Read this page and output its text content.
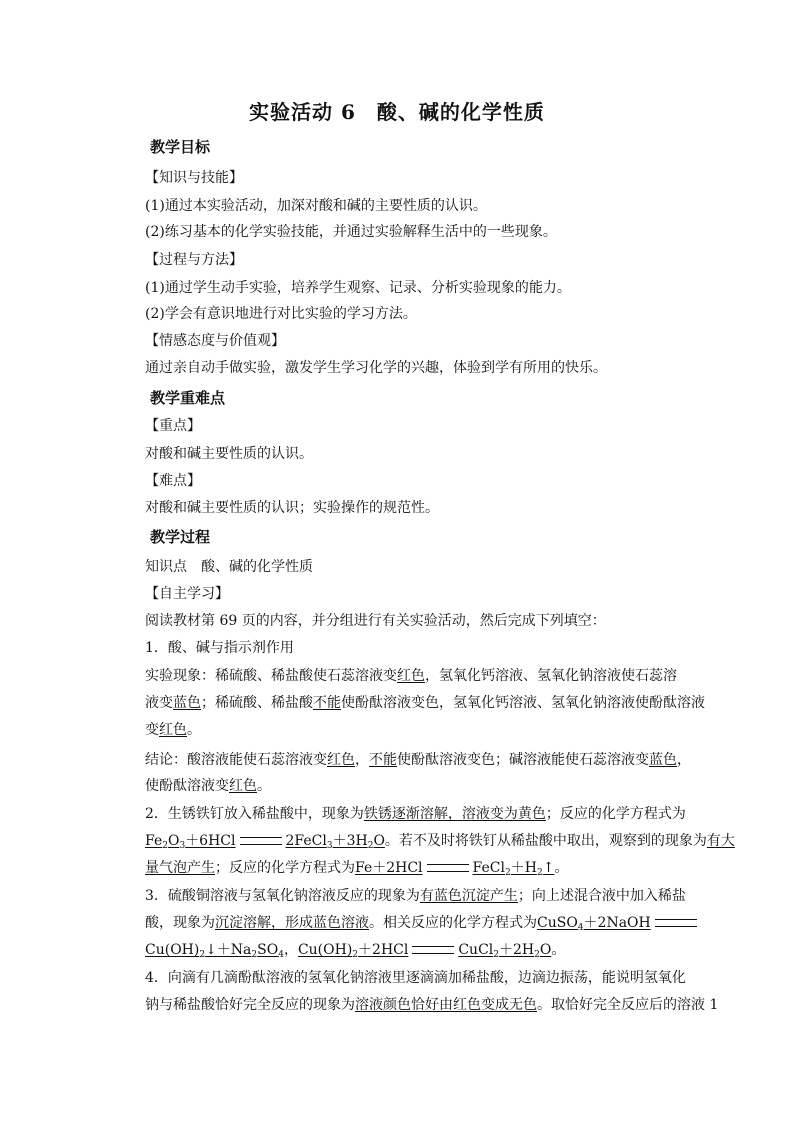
实验活动 6　酸、碱的化学性质
教学目标
【知识与技能】
(1)通过本实验活动，加深对酸和碱的主要性质的认识。
(2)练习基本的化学实验技能，并通过实验解释生活中的一些现象。
【过程与方法】
(1)通过学生动手实验，培养学生观察、记录、分析实验现象的能力。
(2)学会有意识地进行对比实验的学习方法。
【情感态度与价值观】
通过亲自动手做实验，激发学生学习化学的兴趣，体验到学有所用的快乐。
教学重难点
【重点】
对酸和碱主要性质的认识。
【难点】
对酸和碱主要性质的认识；实验操作的规范性。
教学过程
知识点　酸、碱的化学性质
【自主学习】
阅读教材第 69 页的内容，并分组进行有关实验活动，然后完成下列填空：
1．酸、碱与指示剂作用
实验现象：稀硫酸、稀盐酸使石蕊溶液变红色，氢氧化钙溶液、氢氧化钠溶液使石蕊溶
液变蓝色；稀硫酸、稀盐酸不能使酚酞溶液变色，氢氧化钙溶液、氢氧化钠溶液使酚酞溶液
变红色。
结论：酸溶液能使石蕊溶液变红色，不能使酚酞溶液变色；碱溶液能使石蕊溶液变蓝色，
使酚酞溶液变红色。
2．生锈铁钉放入稀盐酸中，现象为铁锈逐渐溶解，溶液变为黄色；反应的化学方程式为
$Fe_2O_3+6HCl$	$2FeCl_3+3H_2O$。若不及时将铁钉从稀盐酸中取出，观察到的现象为有大
量气泡产生；反应的化学方程式为Fe＋2HCl	$FeCl_2+H_2↑$。
3．硫酸铜溶液与氢氧化钠溶液反应的现象为有蓝色沉淀产生；向上述混合液中加入稀盐
酸，现象为沉淀溶解，形成蓝色溶液。相关反应的化学方程式为CuSO$_4$＋2NaOH
$Cu(OH)_2↓+Na_2SO_4$，$Cu(OH)_2+2HCl$	$CuCl_2+2H_2O$。
4．向滴有几滴酚酞溶液的氢氧化钠溶液里逐滴滴加稀盐酸，边滴边振荡，能说明氢氧化
钠与稀盐酸恰好完全反应的现象为溶液颜色恰好由红色变成无色。取恰好完全反应后的溶液 1
